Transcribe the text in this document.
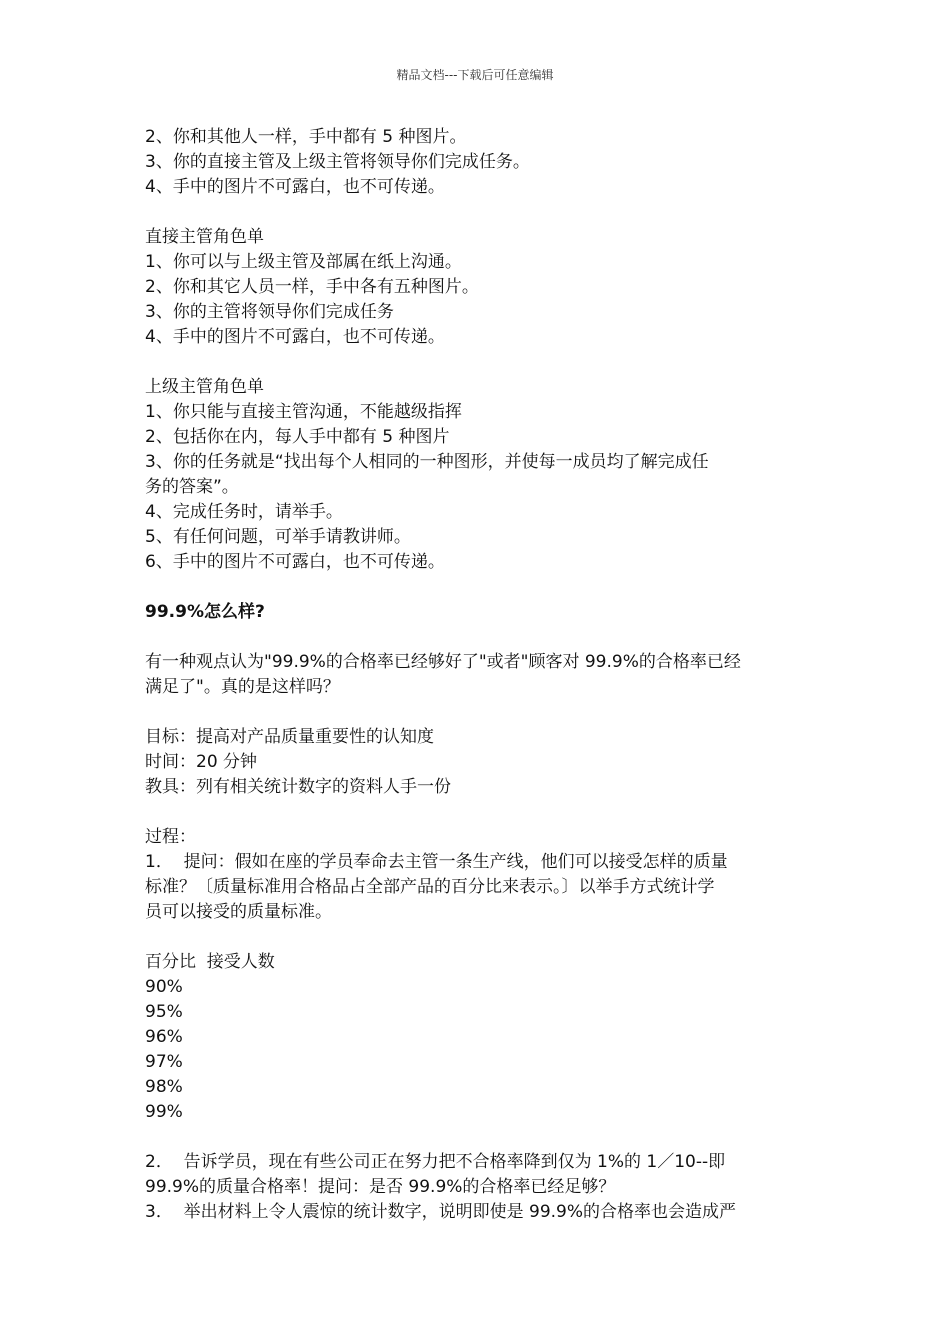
精品文档---下载后可任意编辑
2、你和其他人一样，手中都有 5 种图片。
3、你的直接主管及上级主管将领导你们完成任务。
4、手中的图片不可露白，也不可传递。
直接主管角色单
1、你可以与上级主管及部属在纸上沟通。
2、你和其它人员一样，手中各有五种图片。
3、你的主管将领导你们完成任务
4、手中的图片不可露白，也不可传递。
上级主管角色单
1、你只能与直接主管沟通，不能越级指挥
2、包括你在内，每人手中都有 5 种图片
3、你的任务就是“找出每个人相同的一种图形，并使每一成员均了解完成任
务的答案”。
4、完成任务时，请举手。
5、有任何问题，可举手请教讲师。
6、手中的图片不可露白，也不可传递。
99.9%怎么样?
有一种观点认为"99.9%的合格率已经够好了"或者"顾客对 99.9%的合格率已经
满足了"。真的是这样吗？
目标：提高对产品质量重要性的认知度
时间：20 分钟
教具：列有相关统计数字的资料人手一份
过程：
1．  提问：假如在座的学员奉命去主管一条生产线，他们可以接受怎样的质量
标准？〔质量标准用合格品占全部产品的百分比来表示。〕以举手方式统计学
员可以接受的质量标准。
百分比  接受人数
90%
95%
96%
97%
98%
99%
2．  告诉学员，现在有些公司正在努力把不合格率降到仅为 1%的 1／10--即
99.9%的质量合格率！提问：是否 99.9%的合格率已经足够？
3．  举出材料上令人震惊的统计数字，说明即使是 99.9%的合格率也会造成严
